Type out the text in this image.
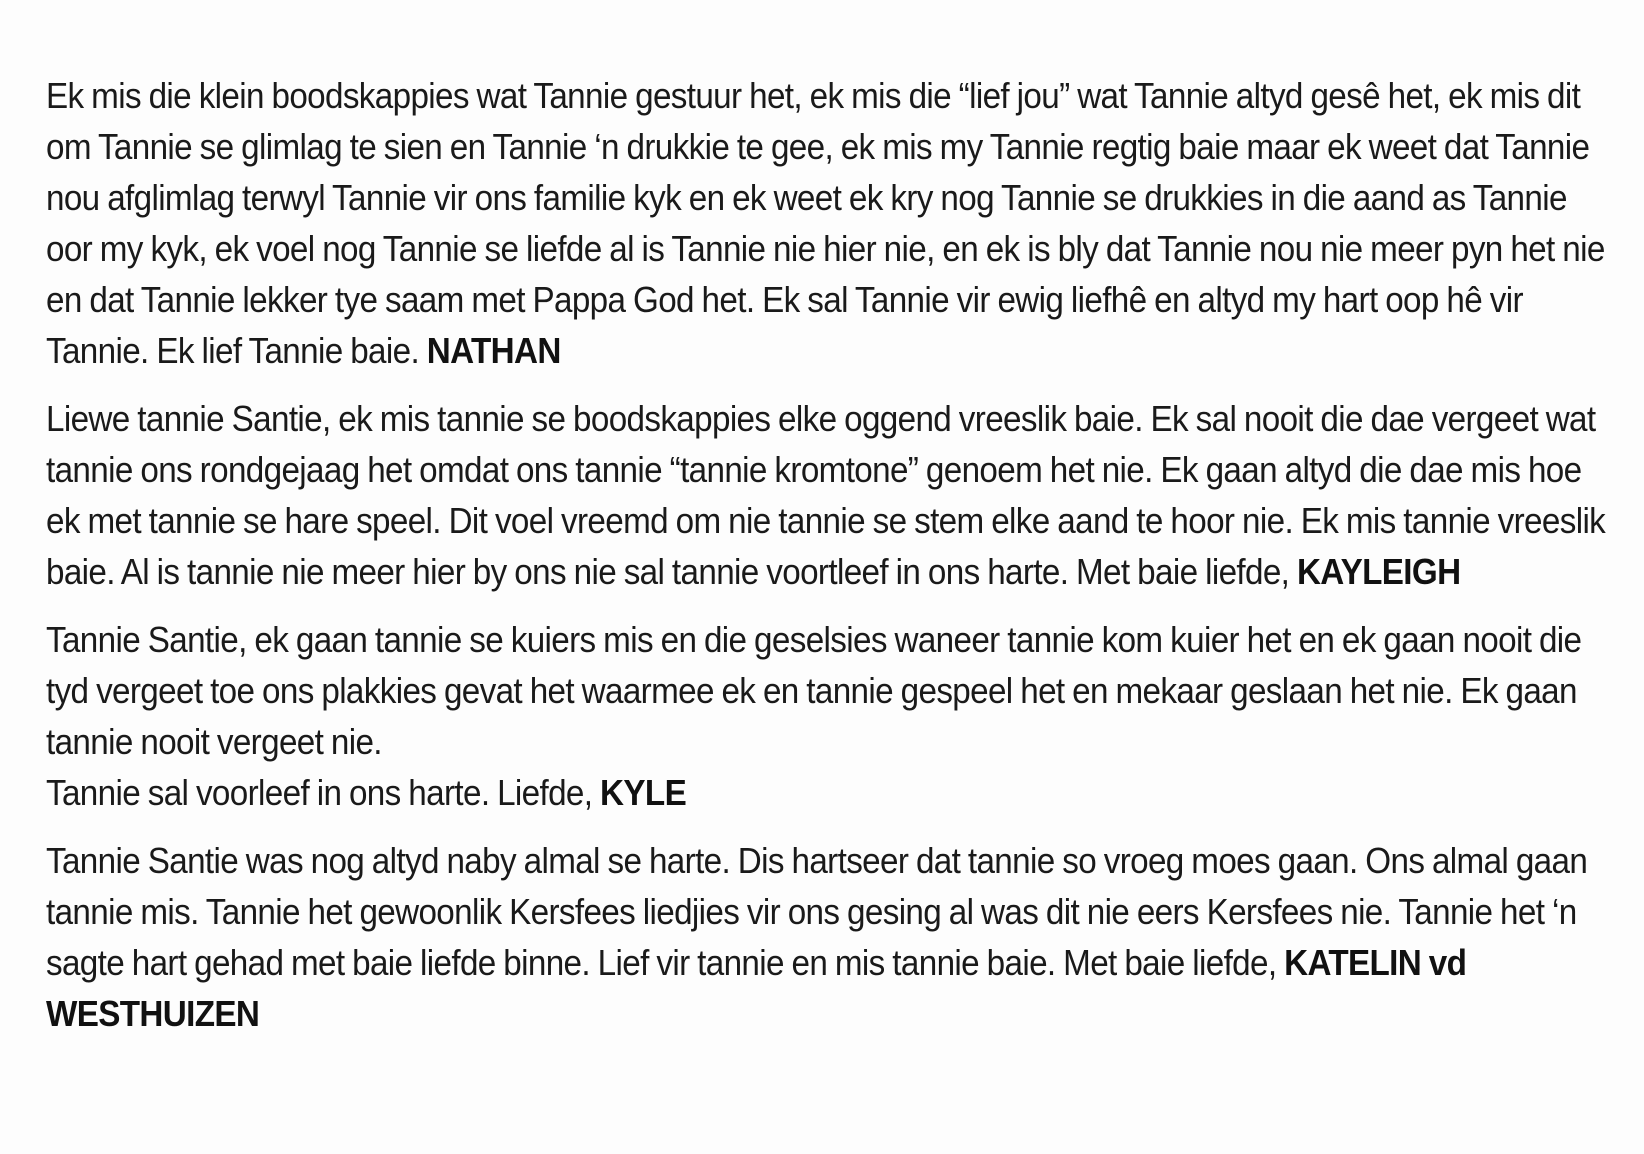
Ek mis die klein boodskappies wat Tannie gestuur het, ek mis die “lief jou” wat Tannie altyd gesê het, ek mis dit om Tannie se glimlag te sien en Tannie ‘n drukkie te gee, ek mis my Tannie regtig baie maar ek weet dat Tannie nou afglimlag terwyl Tannie vir ons familie kyk en ek weet ek kry nog Tannie se drukkies in die aand as Tannie oor my kyk, ek voel nog Tannie se liefde al is Tannie nie hier nie, en ek is bly dat Tannie nou nie meer pyn het nie en dat Tannie lekker tye saam met Pappa God het. Ek sal Tannie vir ewig liefhê en altyd my hart oop hê vir Tannie. Ek lief Tannie baie. NATHAN

Liewe tannie Santie, ek mis tannie se boodskappies elke oggend vreeslik baie. Ek sal nooit die dae vergeet wat tannie ons rondgejaag het omdat ons tannie “tannie kromtone” genoem het nie. Ek gaan altyd die dae mis hoe ek met tannie se hare speel. Dit voel vreemd om nie tannie se stem elke aand te hoor nie. Ek mis tannie vreeslik baie. Al is tannie nie meer hier by ons nie sal tannie voortleef in ons harte. Met baie liefde, KAYLEIGH

Tannie Santie, ek gaan tannie se kuiers mis en die geselsies waneer tannie kom kuier het en ek gaan nooit die tyd vergeet toe ons plakkies gevat het waarmee ek en tannie gespeel het en mekaar geslaan het nie. Ek gaan tannie nooit vergeet nie.
Tannie sal voorleef in ons harte. Liefde, KYLE

Tannie Santie was nog altyd naby almal se harte. Dis hartseer dat tannie so vroeg moes gaan. Ons almal gaan tannie mis. Tannie het gewoonlik Kersfees liedjies vir ons gesing al was dit nie eers Kersfees nie. Tannie het ‘n sagte hart gehad met baie liefde binne. Lief vir tannie en mis tannie baie. Met baie liefde, KATELIN vd WESTHUIZEN
